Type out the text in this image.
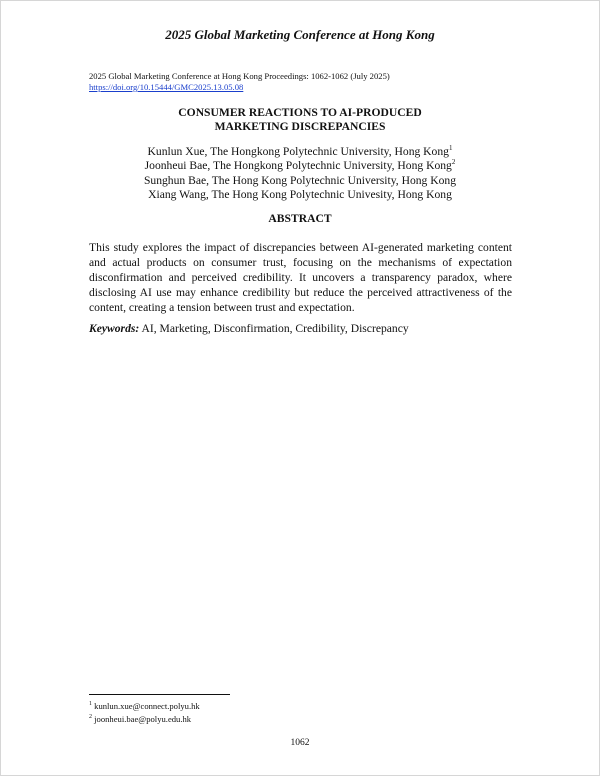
2025 Global Marketing Conference at Hong Kong
2025 Global Marketing Conference at Hong Kong Proceedings: 1062-1062 (July 2025)
https://doi.org/10.15444/GMC2025.13.05.08
CONSUMER REACTIONS TO AI-PRODUCED
MARKETING DISCREPANCIES
Kunlun Xue, The Hongkong Polytechnic University, Hong Kong$^1$
Joonheui Bae, The Hongkong Polytechnic University, Hong Kong$^2$
Sunghun Bae, The Hong Kong Polytechnic University, Hong Kong
Xiang Wang, The Hong Kong Polytechnic Univesity, Hong Kong
ABSTRACT
This study explores the impact of discrepancies between AI-generated marketing content and actual products on consumer trust, focusing on the mechanisms of expectation disconfirmation and perceived credibility. It uncovers a transparency paradox, where disclosing AI use may enhance credibility but reduce the perceived attractiveness of the content, creating a tension between trust and expectation.
Keywords: AI, Marketing, Disconfirmation, Credibility, Discrepancy
$^1$ kunlun.xue@connect.polyu.hk
$^2$ joonheui.bae@polyu.edu.hk
1062
